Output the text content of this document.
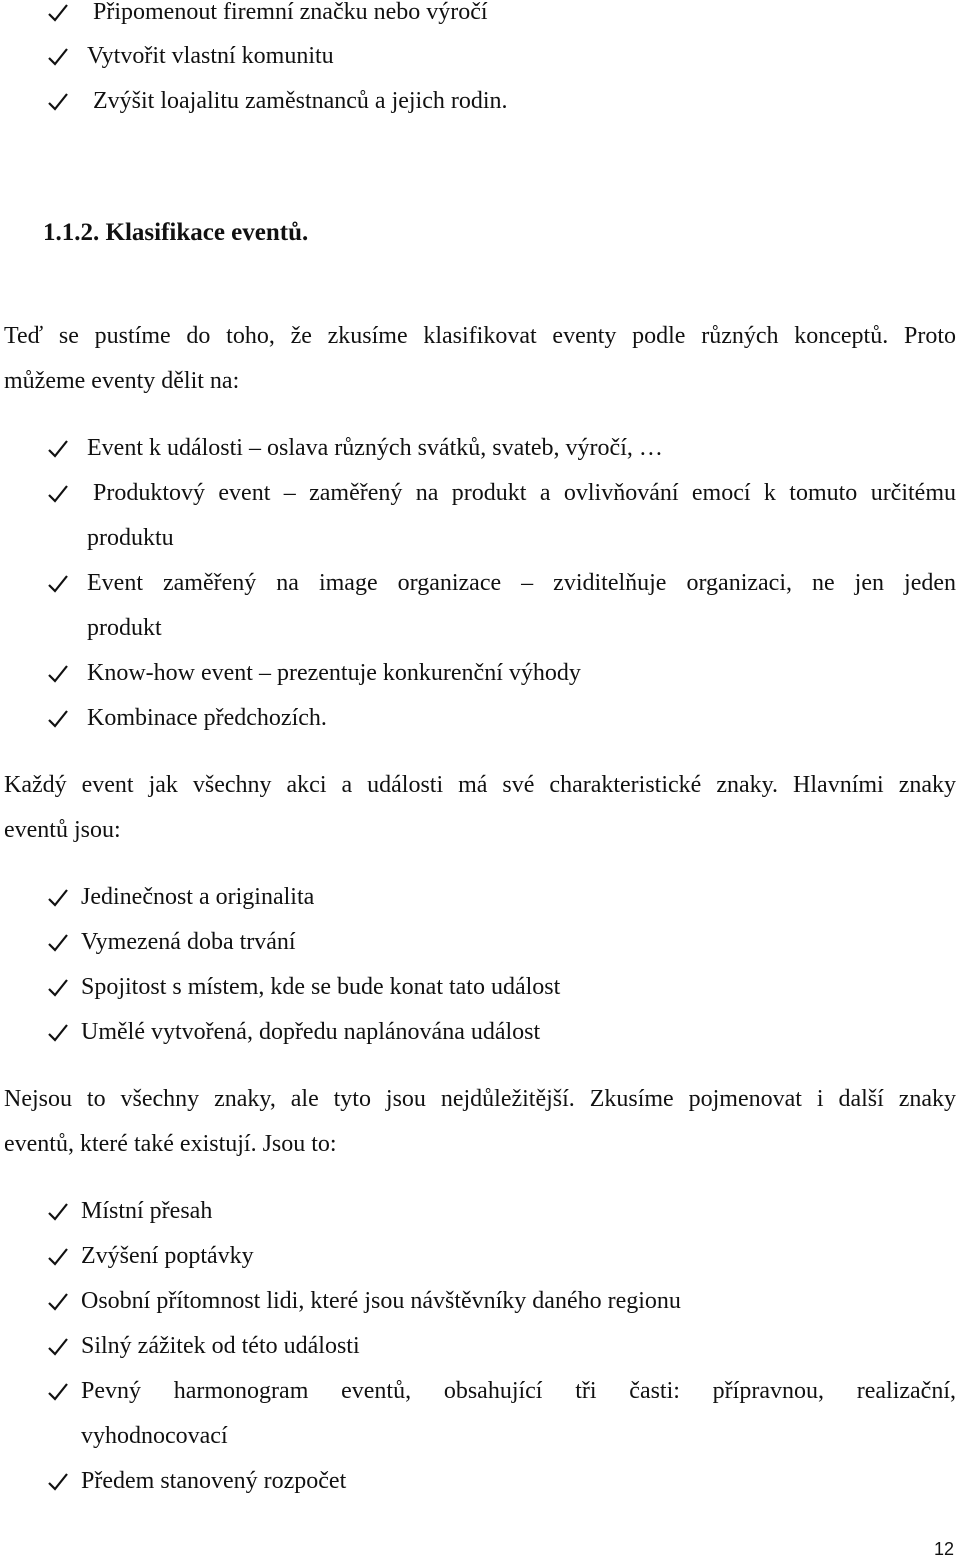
Připomenout firemní značku nebo výročí
Vytvořit vlastní komunitu
Zvýšit loajalitu zaměstnanců a jejich rodin.
1.1.2. Klasifikace eventů.
Teď se pustíme do toho, že zkusíme klasifikovat eventy podle různých konceptů. Proto
můžeme eventy dělit na:
Event k události – oslava různých svátků, svateb, výročí, …
Produktový event – zaměřený na produkt a ovlivňování emocí k tomuto určitému
produktu
Event zaměřený na image organizace – zviditelňuje organizaci, ne jen jeden
produkt
Know-how event – prezentuje konkurenční výhody
Kombinace předchozích.
Každý event jak všechny akci a události má své charakteristické znaky. Hlavními znaky
eventů jsou:
Jedinečnost a originalita
Vymezená doba trvání
Spojitost s místem, kde se bude konat tato událost
Umělé vytvořená, dopředu naplánována událost
Nejsou to všechny znaky, ale tyto jsou nejdůležitější. Zkusíme pojmenovat i další znaky
eventů, které také existují. Jsou to:
Místní přesah
Zvýšení poptávky
Osobní přítomnost lidi, které jsou návštěvníky daného regionu
Silný zážitek od této události
Pevný harmonogram eventů, obsahující tři časti: přípravnou, realizační,
vyhodnocovací
Předem stanovený rozpočet
12
